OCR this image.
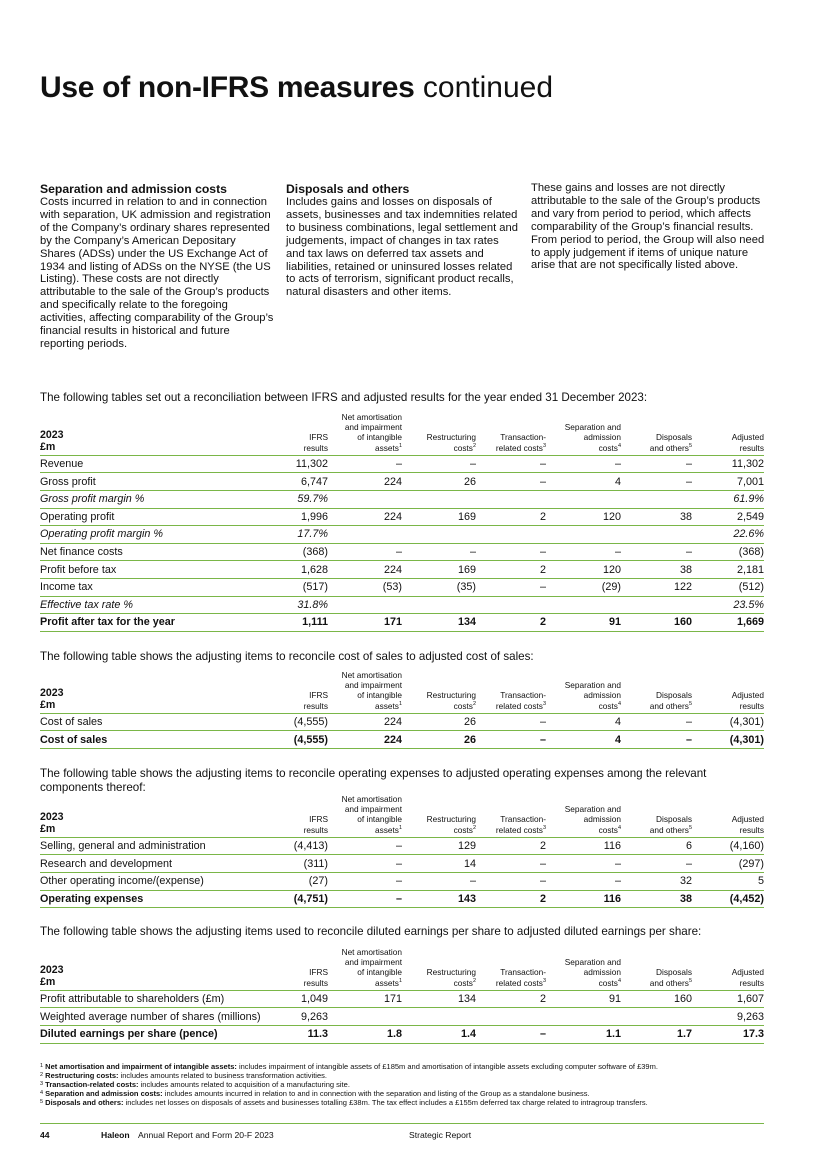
Use of non-IFRS measures continued
Separation and admission costs

Costs incurred in relation to and in connection with separation, UK admission and registration of the Company’s ordinary shares represented by the Company’s American Depositary Shares (ADSs) under the US Exchange Act of 1934 and listing of ADSs on the NYSE (the US Listing). These costs are not directly attributable to the sale of the Group’s products and specifically relate to the foregoing activities, affecting comparability of the Group’s financial results in historical and future reporting periods.

Disposals and others

Includes gains and losses on disposals of assets, businesses and tax indemnities related to business combinations, legal settlement and judgements, impact of changes in tax rates and tax laws on deferred tax assets and liabilities, retained or uninsured losses related to acts of terrorism, significant product recalls, natural disasters and other items.

These gains and losses are not directly attributable to the sale of the Group’s products and vary from period to period, which affects comparability of the Group’s financial results. From period to period, the Group will also need to apply judgement if items of unique nature arise that are not specifically listed above.

The following tables set out a reconciliation between IFRS and adjusted results for the year ended 31 December 2023:

2023
£m	IFRS
results	Net amortisation
and impairment
of intangible
assets$^1$	Restructuring
costs$^2$	Transaction-
related costs$^3$	Separation and
admission
costs$^4$	Disposals
and others$^5$	Adjusted
results

Revenue	11,302	–	–	–	–	–	11,302
Gross profit	6,747	224	26	–	4	–	7,001
Gross profit margin %	59.7%						61.9%
Operating profit	1,996	224	169	2	120	38	2,549
Operating profit margin %	17.7%						22.6%
Net finance costs	(368)	–	–	–	–	–	(368)
Profit before tax	1,628	224	169	2	120	38	2,181
Income tax	(517)	(53)	(35)	–	(29)	122	(512)
Effective tax rate %	31.8%						23.5%
Profit after tax for the year	1,111	171	134	2	91	160	1,669

The following table shows the adjusting items to reconcile cost of sales to adjusted cost of sales:

2023
£m	IFRS
results	Net amortisation
and impairment
of intangible
assets$^1$	Restructuring
costs$^2$	Transaction-
related costs$^3$	Separation and
admission
costs$^4$	Disposals
and others$^5$	Adjusted
results

Cost of sales	(4,555)	224	26	–	4	–	(4,301)
Cost of sales	(4,555)	224	26	–	4	–	(4,301)

The following table shows the adjusting items to reconcile operating expenses to adjusted operating expenses among the relevant components thereof:

2023
£m	IFRS
results	Net amortisation
and impairment
of intangible
assets$^1$	Restructuring
costs$^2$	Transaction-
related costs$^3$	Separation and
admission
costs$^4$	Disposals
and others$^5$	Adjusted
results

Selling, general and administration	(4,413)	–	129	2	116	6	(4,160)
Research and development	(311)	–	14	–	–	–	(297)
Other operating income/(expense)	(27)	–	–	–	–	32	5
Operating expenses	(4,751)	–	143	2	116	38	(4,452)

The following table shows the adjusting items used to reconcile diluted earnings per share to adjusted diluted earnings per share:

2023
£m	IFRS
results	Net amortisation
and impairment
of intangible
assets$^1$	Restructuring
costs$^2$	Transaction-
related costs$^3$	Separation and
admission
costs$^4$	Disposals
and others$^5$	Adjusted
results

Profit attributable to shareholders (£m)	1,049	171	134	2	91	160	1,607
Weighted average number of shares (millions)	9,263						9,263
Diluted earnings per share (pence)	11.3	1.8	1.4	–	1.1	1.7	17.3

$^1$ Net amortisation and impairment of intangible assets: includes impairment of intangible assets of £185m and amortisation of intangible assets excluding computer software of £39m.

$^2$ Restructuring costs: includes amounts related to business transformation activities.

$^3$ Transaction-related costs: includes amounts related to acquisition of a manufacturing site.

$^4$ Separation and admission costs: includes amounts incurred in relation to and in connection with the separation and listing of the Group as a standalone business.

$^5$ Disposals and others: includes net losses on disposals of assets and businesses totalling £38m. The tax effect includes a £155m deferred tax charge related to intragroup transfers.

44	Haleon Annual Report and Form 20-F 2023	Strategic Report
